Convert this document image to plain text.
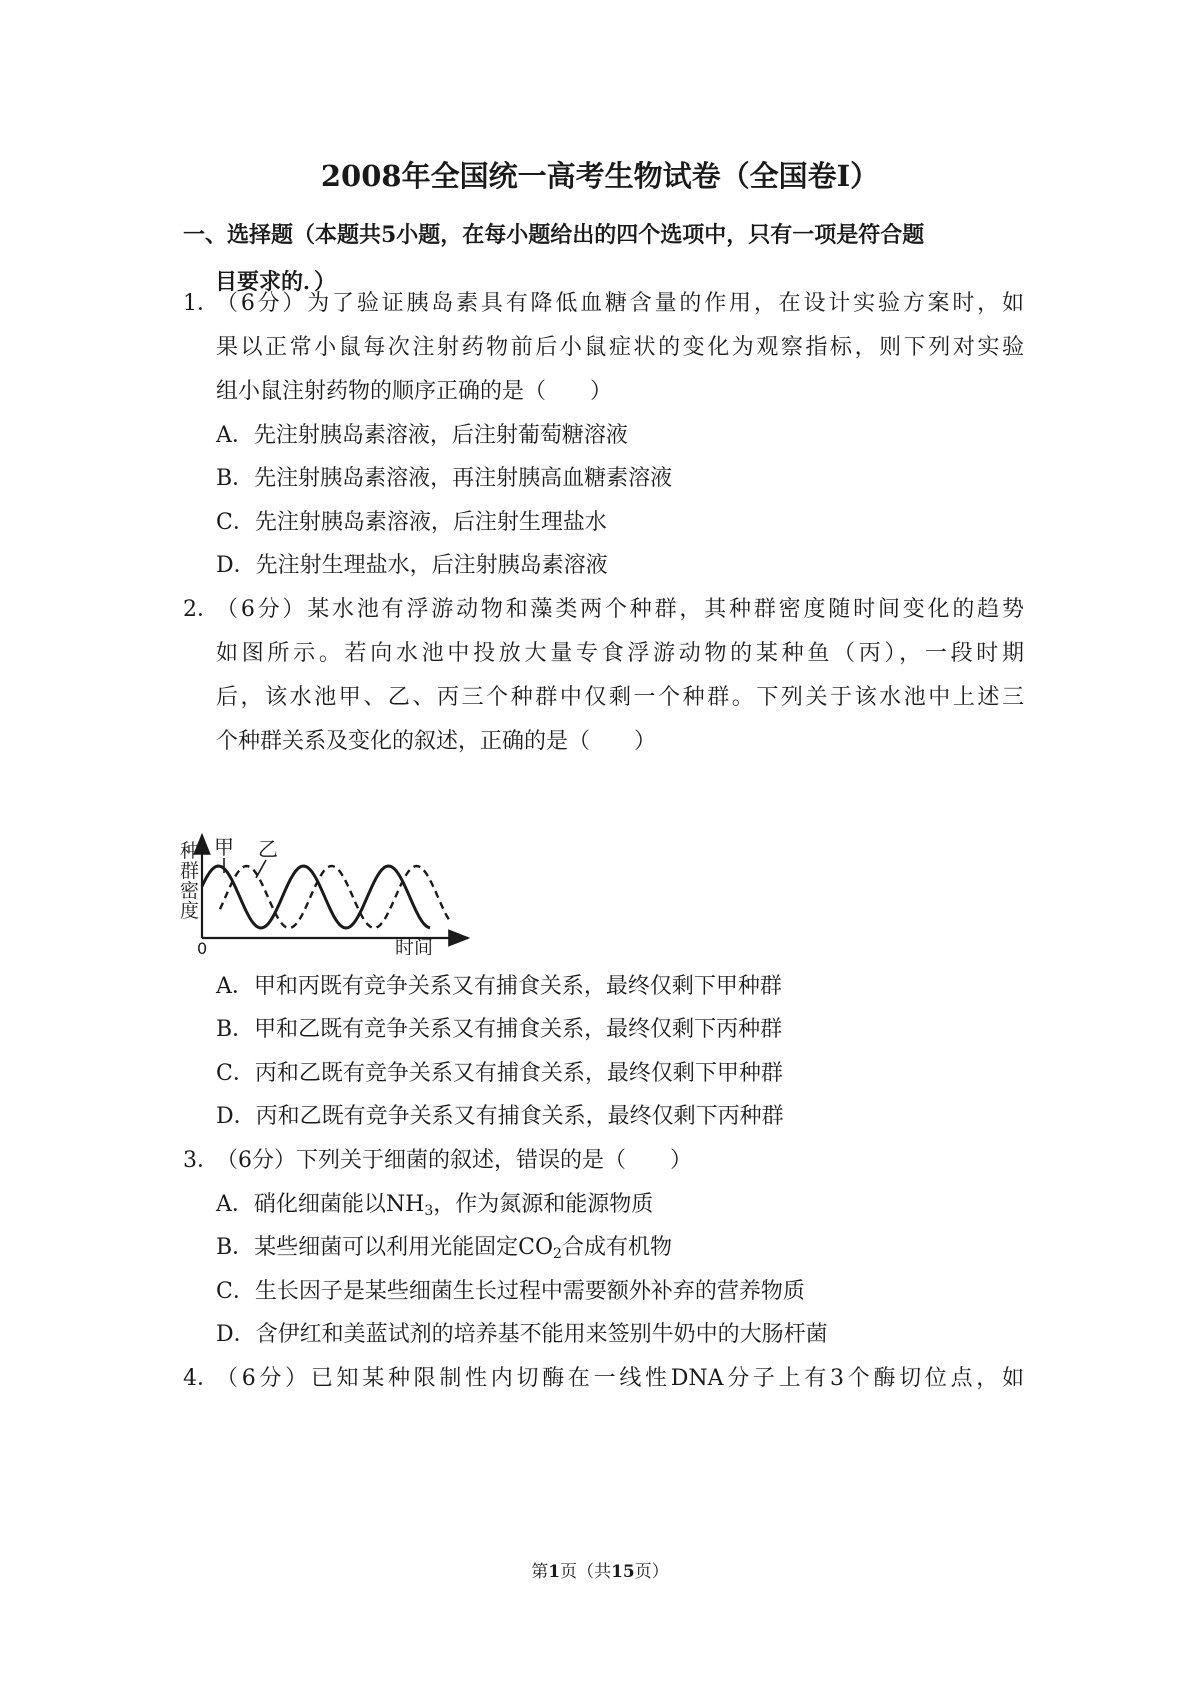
2008年全国统一高考生物试卷（全国卷Ⅰ）
一、选择题（本题共5小题，在每小题给出的四个选项中，只有一项是符合题
目要求的．）
1．
（6分）为了验证胰岛素具有降低血糖含量的作用，在设计实验方案时，如
果以正常小鼠每次注射药物前后小鼠症状的变化为观察指标，则下列对实验
组小鼠注射药物的顺序正确的是（　　）
A．先注射胰岛素溶液，后注射葡萄糖溶液
B．先注射胰岛素溶液，再注射胰高血糖素溶液
C．先注射胰岛素溶液，后注射生理盐水
D．先注射生理盐水，后注射胰岛素溶液
2．
（6分）某水池有浮游动物和藻类两个种群，其种群密度随时间变化的趋势
如图所示。若向水池中投放大量专食浮游动物的某种鱼（丙），一段时期
后，该水池甲、乙、丙三个种群中仅剩一个种群。下列关于该水池中上述三
个种群关系及变化的叙述，正确的是（　　）
甲 乙
种
群
密
度
0	时间
A．甲和丙既有竞争关系又有捕食关系，最终仅剩下甲种群
B．甲和乙既有竞争关系又有捕食关系，最终仅剩下丙种群
C．丙和乙既有竞争关系又有捕食关系，最终仅剩下甲种群
D．丙和乙既有竞争关系又有捕食关系，最终仅剩下丙种群
3．
（6分）下列关于细菌的叙述，错误的是（　　）
A．硝化细菌能以$NH_3$，作为氮源和能源物质
B．某些细菌可以利用光能固定$CO_2$合成有机物
C．生长因子是某些细菌生长过程中需要额外补弃的营养物质
D．含伊红和美蓝试剂的培养基不能用来签别牛奶中的大肠杆菌
4．
（6分）已知某种限制性内切酶在一线性DNA分子上有3个酶切位点，如
第1页（共15页）
